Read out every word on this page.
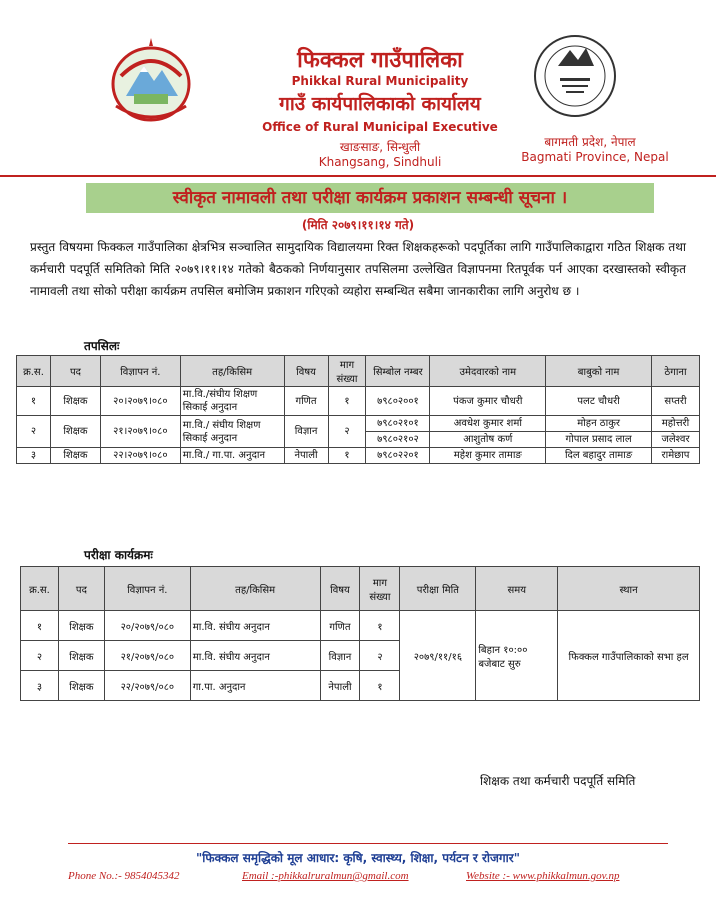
फिक्कल गाउँपालिका
Phikkal Rural Municipality
गाउँ कार्यपालिकाको कार्यालय
Office of Rural Municipal Executive
खाङसाङ, सिन्धुली
Khangsang, Sindhuli
बागमती प्रदेश, नेपाल
Bagmati Province, Nepal
स्वीकृत नामावली तथा परीक्षा कार्यक्रम प्रकाशन सम्बन्धी सूचना ।
(मिति २०७९।११।१४ गते)
प्रस्तुत विषयमा फिक्कल गाउँपालिका क्षेत्रभित्र सञ्चालित सामुदायिक विद्यालयमा रिक्त शिक्षकहरूको पदपूर्तिका लागि गाउँपालिकाद्वारा गठित शिक्षक तथा कर्मचारी पदपूर्ति समितिको मिति २०७९।११।१४ गतेको बैठकको निर्णयानुसार तपसिलमा उल्लेखित विज्ञापनमा रितपूर्वक पर्न आएका दरखास्तको स्वीकृत नामावली तथा सोको परीक्षा कार्यक्रम तपसिल बमोजिम प्रकाशन गरिएको व्यहोरा सम्बन्धित सबैमा जानकारीका लागि अनुरोध छ ।
तपसिलः
क्र.स.	पद	विज्ञापन नं.	तह/किसिम	विषय	माग संख्या	सिम्बोल नम्बर	उमेदवारको नाम	बाबुको नाम	ठेगाना
१	शिक्षक	२०।२०७९।०८०	मा.वि./संघीय शिक्षण सिकाई अनुदान	गणित	१	७९८०२००१	पंकज कुमार चौधरी	पलट चौधरी	सप्तरी
२	शिक्षक	२१।२०७९।०८०	मा.वि./ संघीय शिक्षण सिकाई अनुदान	विज्ञान	२	७९८०२१०१	अवधेश कुमार शर्मा	मोहन ठाकुर	महोत्तरी
						७९८०२१०२	आशुतोष कर्ण	गोपाल प्रसाद लाल	जलेश्वर
३	शिक्षक	२२।२०७९।०८०	मा.वि./ गा.पा. अनुदान	नेपाली	१	७९८०२२०१	महेश कुमार तामाङ	दिल बहादुर तामाङ	रामेछाप
परीक्षा कार्यक्रमः
क्र.स.	पद	विज्ञापन नं.	तह/किसिम	विषय	माग संख्या	परीक्षा मिति	समय	स्थान
१	शिक्षक	२०/२०७९/०८०	मा.वि. संघीय अनुदान	गणित	१	२०७९/११/१६	बिहान १०:०० बजेबाट सुरु	फिक्कल गाउँपालिकाको सभा हल
२	शिक्षक	२१/२०७९/०८०	मा.वि. संघीय अनुदान	विज्ञान	२			
३	शिक्षक	२२/२०७९/०८०	गा.पा. अनुदान	नेपाली	१			
शिक्षक तथा कर्मचारी पदपूर्ति समिति
"फिक्कल समृद्धिको मूल आधार: कृषि, स्वास्थ्य, शिक्षा, पर्यटन र रोजगार"
Phone No.:- 9854045342	Email :-phikkalruralmun@gmail.com	Website :- www.phikkalmun.gov.np
